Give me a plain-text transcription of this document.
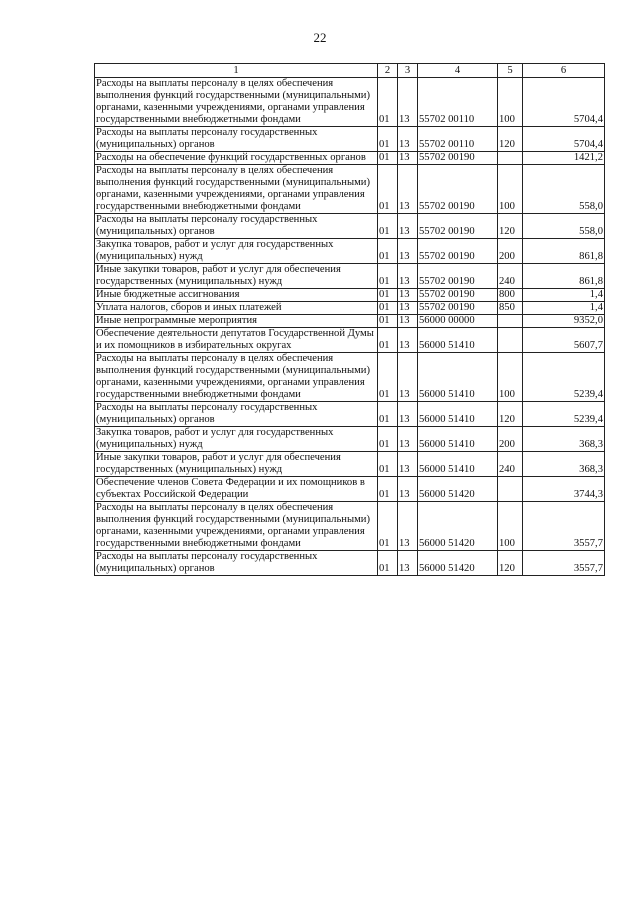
22
1	2	3	4	5	6
Расходы на выплаты персоналу в целях обеспечения выполнения функций государственными (муниципальными) органами, казенными учреждениями, органами управления государственными внебюджетными фондами	01	13	55702 00110	100	5704,4
Расходы на выплаты персоналу государственных (муниципальных) органов	01	13	55702 00110	120	5704,4
Расходы на обеспечение функций государственных органов	01	13	55702 00190		1421,2
Расходы на выплаты персоналу в целях обеспечения выполнения функций государственными (муниципальными) органами, казенными учреждениями, органами управления государственными внебюджетными фондами	01	13	55702 00190	100	558,0
Расходы на выплаты персоналу государственных (муниципальных) органов	01	13	55702 00190	120	558,0
Закупка товаров, работ и услуг для государственных (муниципальных) нужд	01	13	55702 00190	200	861,8
Иные закупки товаров, работ и услуг для обеспечения государственных (муниципальных) нужд	01	13	55702 00190	240	861,8
Иные бюджетные ассигнования	01	13	55702 00190	800	1,4
Уплата налогов, сборов и иных платежей	01	13	55702 00190	850	1,4
Иные непрограммные мероприятия	01	13	56000 00000		9352,0
Обеспечение деятельности депутатов Государственной Думы и их помощников в избирательных округах	01	13	56000 51410		5607,7
Расходы на выплаты персоналу в целях обеспечения выполнения функций государственными (муниципальными) органами, казенными учреждениями, органами управления государственными внебюджетными фондами	01	13	56000 51410	100	5239,4
Расходы на выплаты персоналу государственных (муниципальных) органов	01	13	56000 51410	120	5239,4
Закупка товаров, работ и услуг для государственных (муниципальных) нужд	01	13	56000 51410	200	368,3
Иные закупки товаров, работ и услуг для обеспечения государственных (муниципальных) нужд	01	13	56000 51410	240	368,3
Обеспечение членов Совета Федерации и их помощников в субъектах Российской Федерации	01	13	56000 51420		3744,3
Расходы на выплаты персоналу в целях обеспечения выполнения функций государственными (муниципальными) органами, казенными учреждениями, органами управления государственными внебюджетными фондами	01	13	56000 51420	100	3557,7
Расходы на выплаты персоналу государственных (муниципальных) органов	01	13	56000 51420	120	3557,7
